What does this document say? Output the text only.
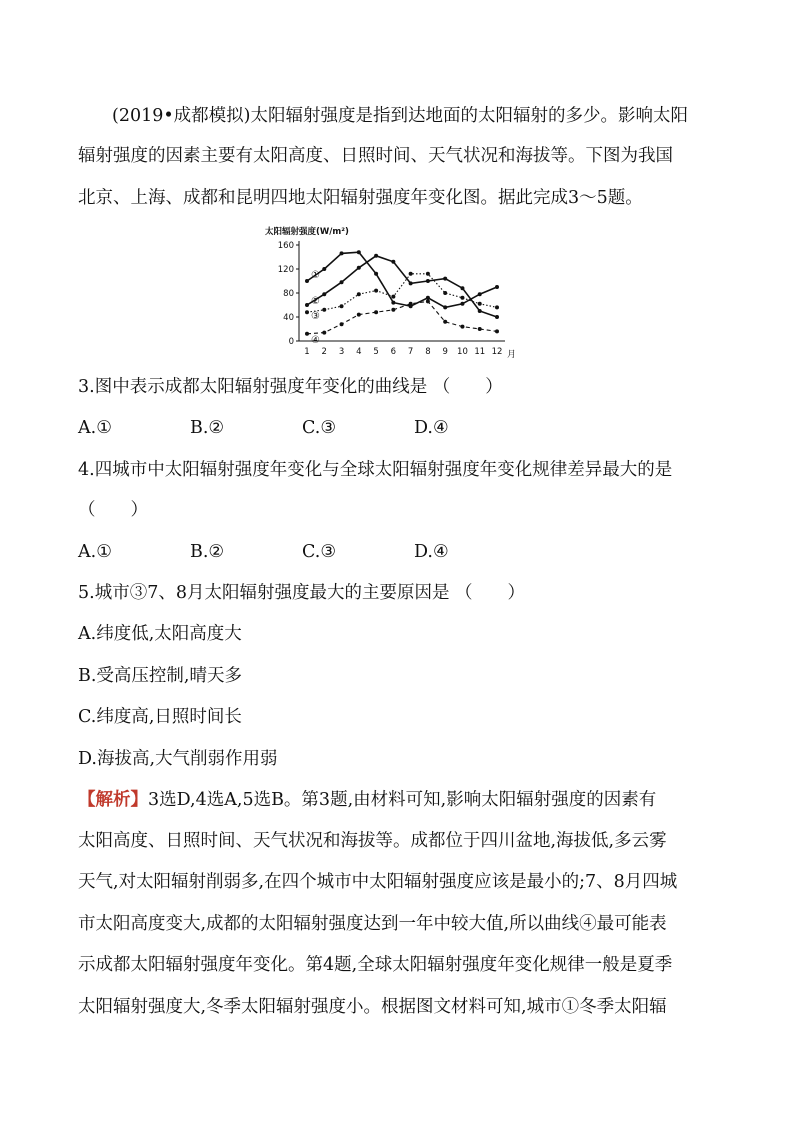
(2019•成都模拟)太阳辐射强度是指到达地面的太阳辐射的多少。影响太阳
辐射强度的因素主要有太阳高度、日照时间、天气状况和海拔等。下图为我国
北京、上海、成都和昆明四地太阳辐射强度年变化图。据此完成3～5题。
太阳辐射强度(W/m²)
0
40
80
120
160
1 2 3 4 5 6 7 8 9 10 11 12
①
②
③
④
月
3.图中表示成都太阳辐射强度年变化的曲线是 （　　）
A.①	B.②	C.③	D.④
4.四城市中太阳辐射强度年变化与全球太阳辐射强度年变化规律差异最大的是
（　　）
A.①	B.②	C.③	D.④
5.城市③7、8月太阳辐射强度最大的主要原因是 （　　）
A.纬度低,太阳高度大
B.受高压控制,晴天多
C.纬度高,日照时间长
D.海拔高,大气削弱作用弱
【解析】3选D,4选A,5选B。第3题,由材料可知,影响太阳辐射强度的因素有
太阳高度、日照时间、天气状况和海拔等。成都位于四川盆地,海拔低,多云雾
天气,对太阳辐射削弱多,在四个城市中太阳辐射强度应该是最小的;7、8月四城
市太阳高度变大,成都的太阳辐射强度达到一年中较大值,所以曲线④最可能表
示成都太阳辐射强度年变化。第4题,全球太阳辐射强度年变化规律一般是夏季
太阳辐射强度大,冬季太阳辐射强度小。根据图文材料可知,城市①冬季太阳辐
